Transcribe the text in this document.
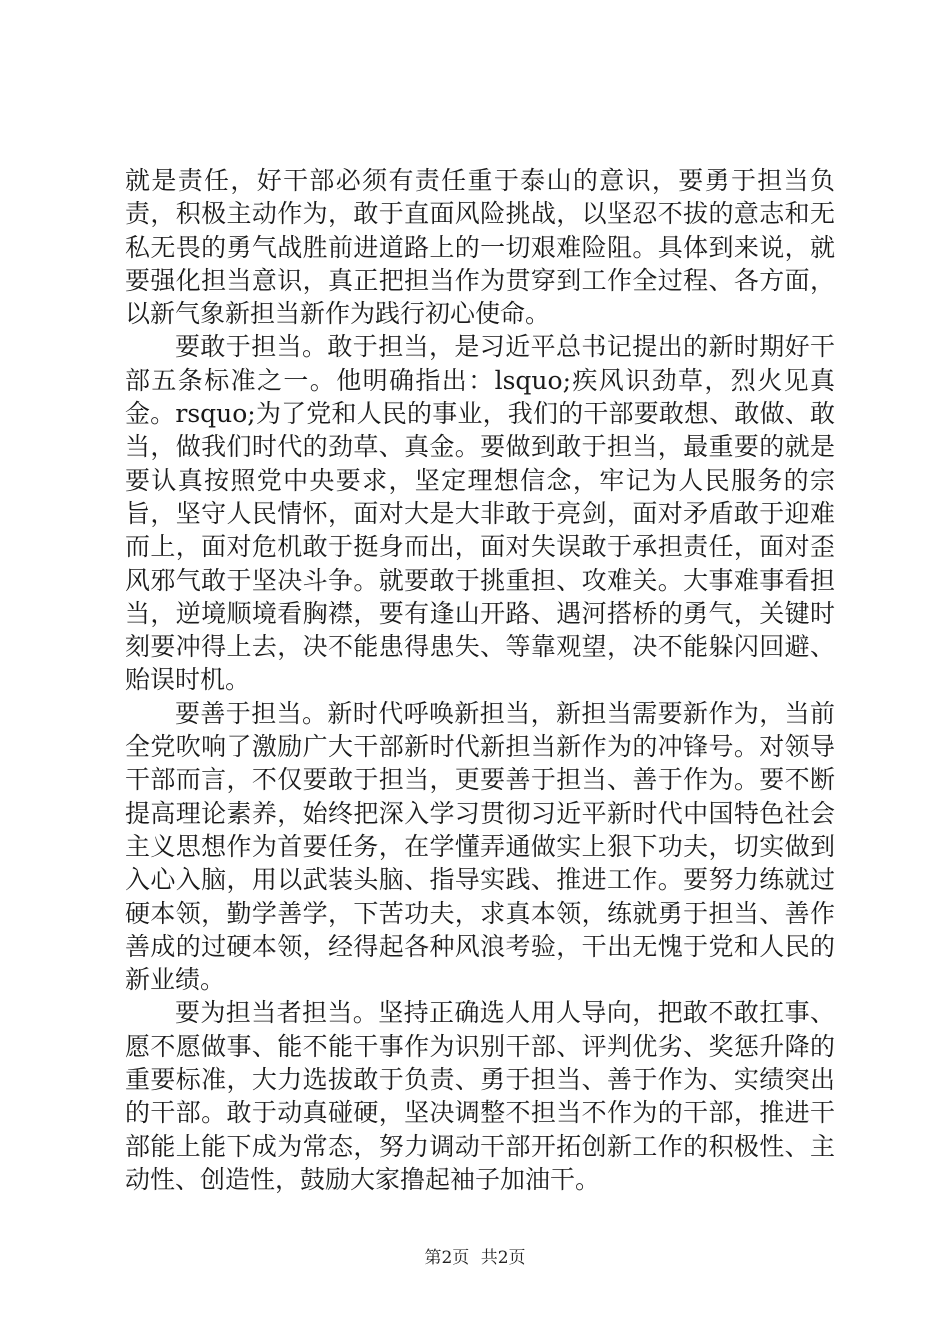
就是责任，好干部必须有责任重于泰山的意识，要勇于担当负责，积极主动作为，敢于直面风险挑战，以坚忍不拔的意志和无私无畏的勇气战胜前进道路上的一切艰难险阻。具体到来说，就要强化担当意识，真正把担当作为贯穿到工作全过程、各方面，以新气象新担当新作为践行初心使命。

要敢于担当。敢于担当，是习近平总书记提出的新时期好干部五条标准之一。他明确指出：lsquo;疾风识劲草，烈火见真金。rsquo;为了党和人民的事业，我们的干部要敢想、敢做、敢当，做我们时代的劲草、真金。要做到敢于担当，最重要的就是要认真按照党中央要求，坚定理想信念，牢记为人民服务的宗旨，坚守人民情怀，面对大是大非敢于亮剑，面对矛盾敢于迎难而上，面对危机敢于挺身而出，面对失误敢于承担责任，面对歪风邪气敢于坚决斗争。就要敢于挑重担、攻难关。大事难事看担当，逆境顺境看胸襟，要有逢山开路、遇河搭桥的勇气，关键时刻要冲得上去，决不能患得患失、等靠观望，决不能躲闪回避、贻误时机。

要善于担当。新时代呼唤新担当，新担当需要新作为，当前全党吹响了激励广大干部新时代新担当新作为的冲锋号。对领导干部而言，不仅要敢于担当，更要善于担当、善于作为。要不断提高理论素养，始终把深入学习贯彻习近平新时代中国特色社会主义思想作为首要任务，在学懂弄通做实上狠下功夫，切实做到入心入脑，用以武装头脑、指导实践、推进工作。要努力练就过硬本领，勤学善学，下苦功夫，求真本领，练就勇于担当、善作善成的过硬本领，经得起各种风浪考验，干出无愧于党和人民的新业绩。

要为担当者担当。坚持正确选人用人导向，把敢不敢扛事、愿不愿做事、能不能干事作为识别干部、评判优劣、奖惩升降的重要标准，大力选拔敢于负责、勇于担当、善于作为、实绩突出的干部。敢于动真碰硬，坚决调整不担当不作为的干部，推进干部能上能下成为常态，努力调动干部开拓创新工作的积极性、主动性、创造性，鼓励大家撸起袖子加油干。

第2页 共2页
